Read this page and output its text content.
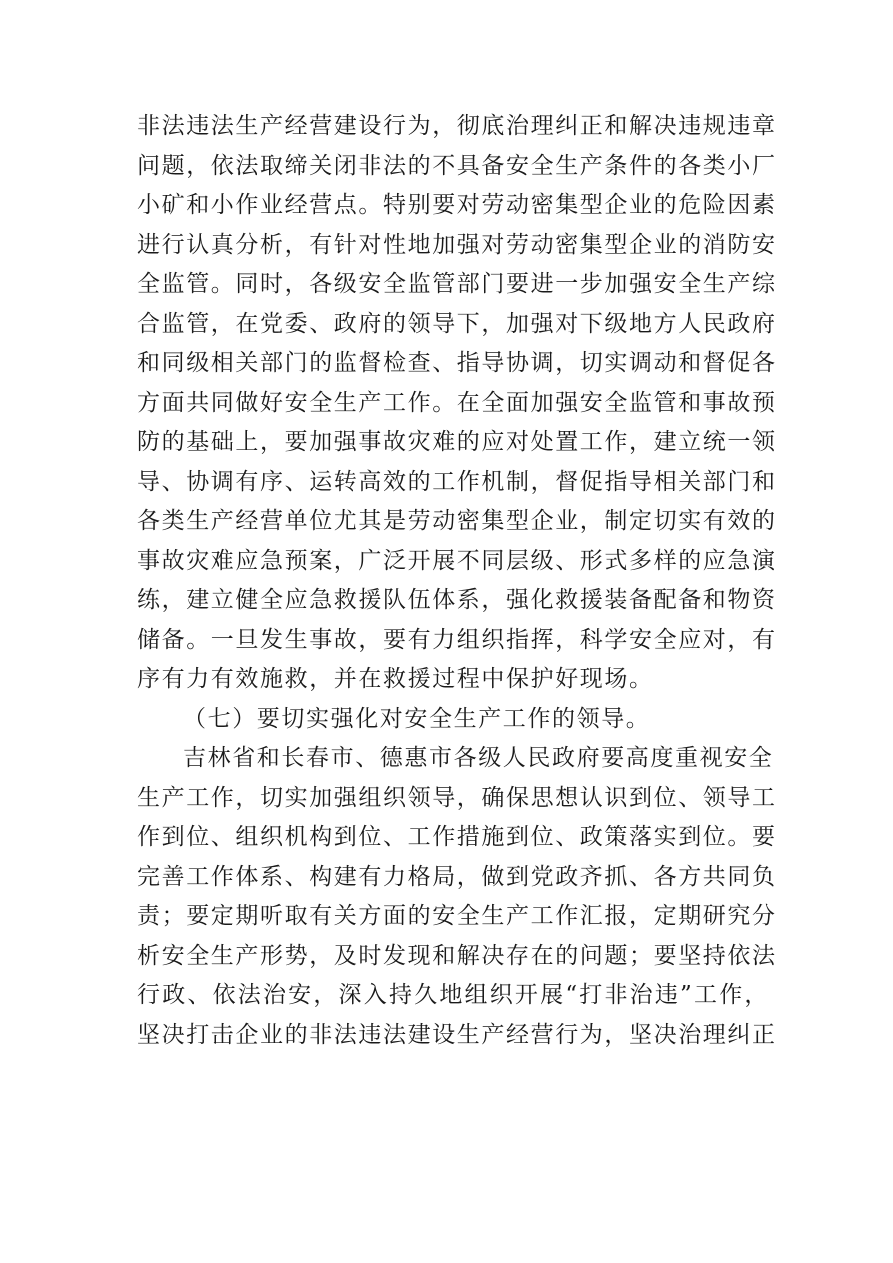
非法违法生产经营建设行为，彻底治理纠正和解决违规违章
问题，依法取缔关闭非法的不具备安全生产条件的各类小厂
小矿和小作业经营点。特别要对劳动密集型企业的危险因素
进行认真分析，有针对性地加强对劳动密集型企业的消防安
全监管。同时，各级安全监管部门要进一步加强安全生产综
合监管，在党委、政府的领导下，加强对下级地方人民政府
和同级相关部门的监督检查、指导协调，切实调动和督促各
方面共同做好安全生产工作。在全面加强安全监管和事故预
防的基础上，要加强事故灾难的应对处置工作，建立统一领
导、协调有序、运转高效的工作机制，督促指导相关部门和
各类生产经营单位尤其是劳动密集型企业，制定切实有效的
事故灾难应急预案，广泛开展不同层级、形式多样的应急演
练，建立健全应急救援队伍体系，强化救援装备配备和物资
储备。一旦发生事故，要有力组织指挥，科学安全应对，有
序有力有效施救，并在救援过程中保护好现场。
（七）要切实强化对安全生产工作的领导。
吉林省和长春市、德惠市各级人民政府要高度重视安全
生产工作，切实加强组织领导，确保思想认识到位、领导工
作到位、组织机构到位、工作措施到位、政策落实到位。要
完善工作体系、构建有力格局，做到党政齐抓、各方共同负
责；要定期听取有关方面的安全生产工作汇报，定期研究分
析安全生产形势，及时发现和解决存在的问题；要坚持依法
行政、依法治安，深入持久地组织开展“打非治违”工作，
坚决打击企业的非法违法建设生产经营行为，坚决治理纠正
